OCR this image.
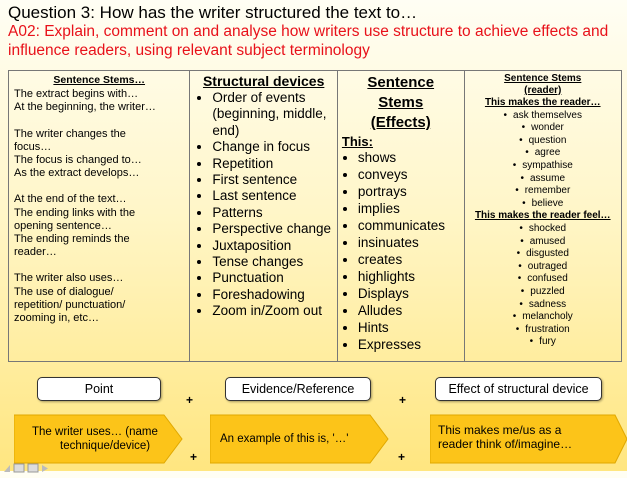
Question 3: How has the writer structured the text to…
A02: Explain, comment on and analyse how writers use structure to achieve effects and influence readers, using relevant subject terminology
Sentence Stems…
The extract begins with…
At the beginning, the writer…
The writer changes the
focus…
The focus is changed to…
As the extract develops…
At the end of the text…
The ending links with the
opening sentence…
The ending reminds the
reader…
The writer also uses…
The use of dialogue/
repetition/ punctuation/
zooming in, etc…
Structural devices
• Order of events (beginning, middle, end)
• Change in focus
• Repetition
• First sentence
• Last sentence
• Patterns
• Perspective change
• Juxtaposition
• Tense changes
• Punctuation
• Foreshadowing
• Zoom in/Zoom out
Sentence
Stems
(Effects)
This:
• shows
• conveys
• portrays
• implies
• communicates
• insinuates
• creates
• highlights
• Displays
• Alludes
• Hints
• Expresses
Sentence Stems
(reader)
This makes the reader…
• ask themselves
• wonder
• question
• agree
• sympathise
• assume
• remember
• believe
This makes the reader feel…
• shocked
• amused
• disgusted
• outraged
• confused
• puzzled
• sadness
• melancholy
• frustration
• fury
Point
+
Evidence/Reference
+
Effect of structural device
The writer uses… (name
technique/device)
+
An example of this is, '…'
+
This makes me/us as a
reader think of/imagine…
